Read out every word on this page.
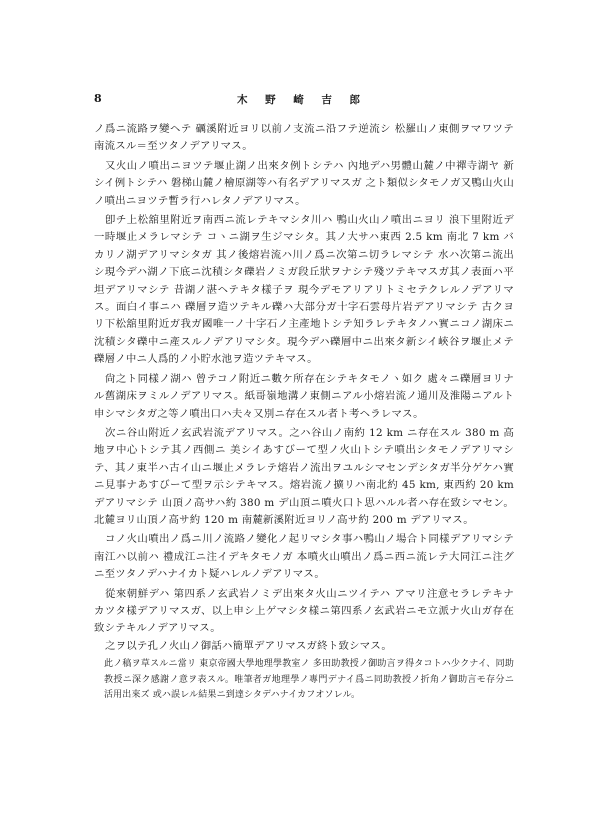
8	木 野 崎 吉 郎

ノ爲ニ流路ヲ變ヘテ 礪溪附近ヨリ以前ノ支流ニ沿フテ逆流シ 松羅山ノ東側ヲマワツテ南流スル＝至ツタノデアリマス。

又火山ノ噴出ニヨツテ堰止湖ノ出來タ例トシテハ 內地デハ男體山麓ノ中禪寺湖ヤ 新シイ例トシテハ 磐梯山麓ノ檜原湖等ハ有名デアリマスガ 之ト類似シタモノガ又鴨山火山ノ噴出ニヨツテ暫ラ行ハレタノデアリマス。

卽チ上松舘里附近ヲ南西ニ流レテキマシタ川ハ 鴨山火山ノ噴出ニヨリ 浪下里附近デ一時堰止メラレマシテ コヽニ湖ヲ生ジマシタ。其ノ大サハ東西 2.5 km 南北 7 km バカリノ湖デアリマシタガ 其ノ後熔岩流ハ川ノ爲ニ次第ニ切ラレマシテ 水ハ次第ニ流出シ現今デハ湖ノ下底ニ沈積シタ礫岩ノミガ段丘狀ヲナシテ殘ツテキマスガ其ノ表面ハ平坦デアリマシテ 昔湖ノ湛ヘテキタ樣子ヲ 現今デモアリアリトミセテクレルノデアリマス。面白イ事ニハ 礫層ヲ造ツテキル礫ハ大部分ガ十字石雲母片岩デアリマシテ 古クヨリ下松舘里附近ガ我ガ國唯一ノ十字石ノ主產地トシテ知ラレテキタノハ實ニコノ湖床ニ沈積シタ礫中ニ產スルノデアリマシタ。現今デハ礫層中ニ出來タ新シイ峽谷ヲ堰止メテ礫層ノ中ニ人爲的ノ小貯水池ヲ造ツテキマス。

尙之ト同樣ノ湖ハ 曾テコノ附近ニ數ケ所存在シテキタモノヽ如ク 處々ニ礫層ヨリナル舊湖床ヲミルノデアリマス。紙哥嶺地溝ノ東側ニアル小熔岩流ノ通川及淮陽ニアルト申シマシタガ之等ノ噴出口ハ夫々又別ニ存在スル者ト考ヘラレマス。

次ニ谷山附近ノ玄武岩流デアリマス。之ハ谷山ノ南約 12 km ニ存在スル 380 m 高地ヲ中心トシテ其ノ西側ニ 美シイあすびーて型ノ火山トシテ噴出シタモノデアリマシテ、其ノ東半ハ古イ山ニ堰止メラレテ熔岩ノ流出ヲユルシマセンデシタガ半分ゲケハ實ニ見事ナあすびーて型ヲ示シテキマス。熔岩流ノ擴リハ南北約 45 km, 東西約 20 km デアリマシテ 山頂ノ高サハ約 380 m デ山頂ニ噴火口ト思ハルル者ハ存在致シマセン。北麓ヨリ山頂ノ高サ約 120 m 南麓新溪附近ヨリノ高サ約 200 m デアリマス。

コノ火山噴出ノ爲ニ川ノ流路ノ變化ノ起リマシタ事ハ鴨山ノ場合ト同樣デアリマシテ南江ハ以前ハ 禮成江ニ注イデキタモノガ 本噴火山噴出ノ爲ニ西ニ流レテ大同江ニ注グニ至ツタノデハナイカト疑ハレルノデアリマス。

從來朝鮮デハ 第四系ノ玄武岩ノミデ出來タ火山ニツイテハ アマリ注意セラレテキナカツタ樣デアリマスガ、以上申シ上ゲマシタ樣ニ第四系ノ玄武岩ニモ立派ナ火山ガ存在致シテキルノデアリマス。

之ヲ以テ孔ノ火山ノ御話ハ簡單デアリマスガ終ト致シマス。

此ノ稿ヲ草スルニ當リ 東京帝國大學地理學教室ノ 多田助教授ノ御助言ヲ得タコトハ少クナイ、同助教授ニ深ク感謝ノ意ヲ表スル。唯筆者ガ地理學ノ專門デナイ爲ニ同助教授ノ折角ノ御助言モ存分ニ活用出來ズ 或ハ誤レル結果ニ到達シタデハナイカフオソレル。
